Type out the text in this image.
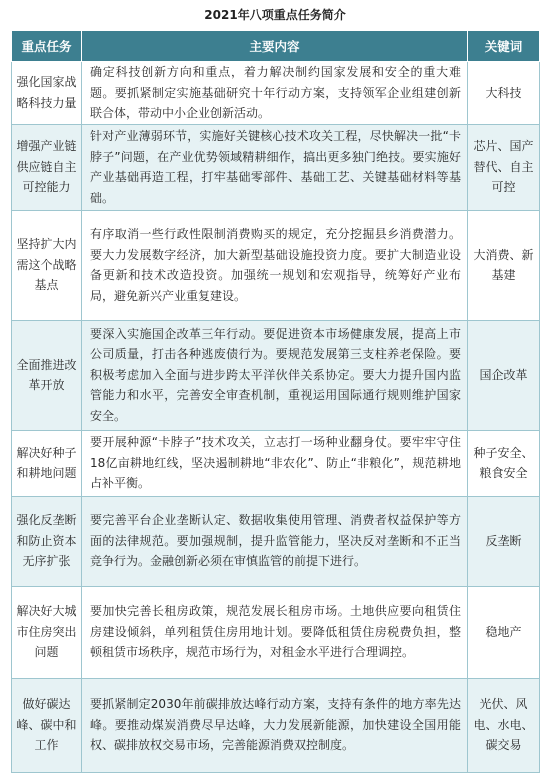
2021年八项重点任务简介
重点任务	主要内容	关键词
强化国家战略科技力量	确定科技创新方向和重点，着力解决制约国家发展和安全的重大难题。要抓紧制定实施基础研究十年行动方案，支持领军企业组建创新联合体，带动中小企业创新活动。	大科技
增强产业链供应链自主可控能力	针对产业薄弱环节，实施好关键核心技术攻关工程，尽快解决一批“卡脖子”问题，在产业优势领域精耕细作，搞出更多独门绝技。要实施好产业基础再造工程，打牢基础零部件、基础工艺、关键基础材料等基础。	芯片、国产替代、自主可控
坚持扩大内需这个战略基点	有序取消一些行政性限制消费购买的规定，充分挖掘县乡消费潜力。要大力发展数字经济，加大新型基础设施投资力度。要扩大制造业设备更新和技术改造投资。加强统一规划和宏观指导，统筹好产业布局，避免新兴产业重复建设。	大消费、新基建
全面推进改革开放	要深入实施国企改革三年行动。要促进资本市场健康发展，提高上市公司质量，打击各种逃废债行为。要规范发展第三支柱养老保险。要积极考虑加入全面与进步跨太平洋伙伴关系协定。要大力提升国内监管能力和水平，完善安全审查机制，重视运用国际通行规则维护国家安全。	国企改革
解决好种子和耕地问题	要开展种源“卡脖子”技术攻关，立志打一场种业翻身仗。要牢牢守住18亿亩耕地红线，坚决遏制耕地“非农化”、防止“非粮化”，规范耕地占补平衡。	种子安全、粮食安全
强化反垄断和防止资本无序扩张	要完善平台企业垄断认定、数据收集使用管理、消费者权益保护等方面的法律规范。要加强规制，提升监管能力，坚决反对垄断和不正当竞争行为。金融创新必须在审慎监管的前提下进行。	反垄断
解决好大城市住房突出问题	要加快完善长租房政策，规范发展长租房市场。土地供应要向租赁住房建设倾斜，单列租赁住房用地计划。要降低租赁住房税费负担，整顿租赁市场秩序，规范市场行为，对租金水平进行合理调控。	稳地产
做好碳达峰、碳中和工作	要抓紧制定2030年前碳排放达峰行动方案，支持有条件的地方率先达峰。要推动煤炭消费尽早达峰，大力发展新能源，加快建设全国用能权、碳排放权交易市场，完善能源消费双控制度。	光伏、风电、水电、碳交易
